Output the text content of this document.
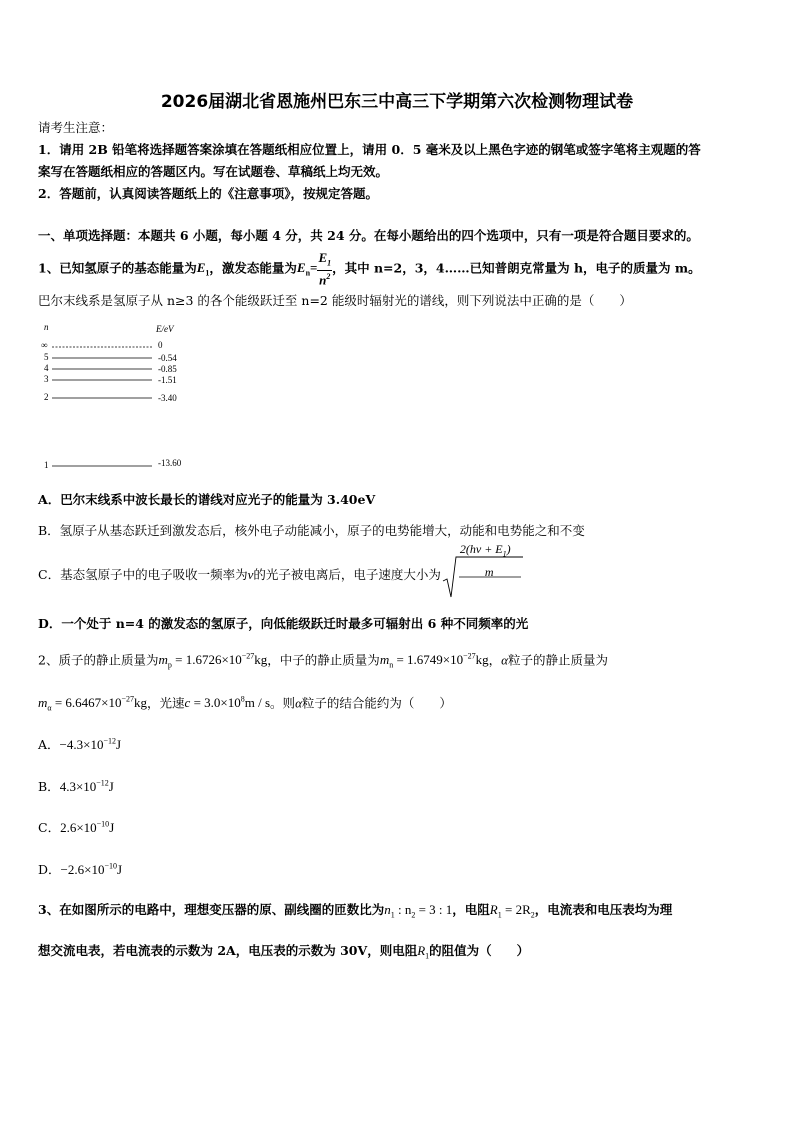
2026届湖北省恩施州巴东三中高三下学期第六次检测物理试卷
请考生注意：
1．请用 2B 铅笔将选择题答案涂填在答题纸相应位置上，请用 0．5 毫米及以上黑色字迹的钢笔或签字笔将主观题的答
案写在答题纸相应的答题区内。写在试题卷、草稿纸上均无效。
2．答题前，认真阅读答题纸上的《注意事项》，按规定答题。
一、单项选择题：本题共 6 小题，每小题 4 分，共 24 分。在每小题给出的四个选项中，只有一项是符合题目要求的。
1、已知氢原子的基态能量为$E_1$，激发态能量为$E_n= \frac{E_1}{n^2}$ ，其中 n=2，3，4……已知普朗克常量为 h，电子的质量为 m。
巴尔末线系是氢原子从 n≥3 的各个能级跃迁至 n=2 能级时辐射光的谱线，则下列说法中正确的是（　　）
n	E/eV
∞	0
5	-0.54
4	-0.85
3	-1.51
2	-3.40
1	-13.60
A．巴尔末线系中波长最长的谱线对应光子的能量为 3.40eV
B．氢原子从基态跃迁到激发态后，核外电子动能减小，原子的电势能增大，动能和电势能之和不变
C．基态氢原子中的电子吸收一频率为ν的光子被电离后，电子速度大小为
$2(h\nu + E_1)$
m
D．一个处于 n=4 的激发态的氢原子，向低能级跃迁时最多可辐射出 6 种不同频率的光
2、质子的静止质量为$m_p = 1.6726\times 10^{-27}kg$，中子的静止质量为$m_n = 1.6749\times 10^{-27}kg$，α粒子的静止质量为
$m_\alpha = 6.6467\times 10^{-27}kg$，光速$c = 3.0\times 10^8m / s$。则α粒子的结合能约为（　　）
A．$-4.3\times 10^{-12}J$
B．$4.3\times 10^{-12}J$
C．$2.6\times 10^{-10}J$
D．$-2.6\times 10^{-10}J$
3、在如图所示的电路中，理想变压器的原、副线圈的匝数比为$n_1$ : $n_2 = 3$ : 1，电阻$R_1 = 2R_2$，电流表和电压表均为理
想交流电表，若电流表的示数为 2A，电压表的示数为 30V，则电阻$R_1$的阻值为（　　）
